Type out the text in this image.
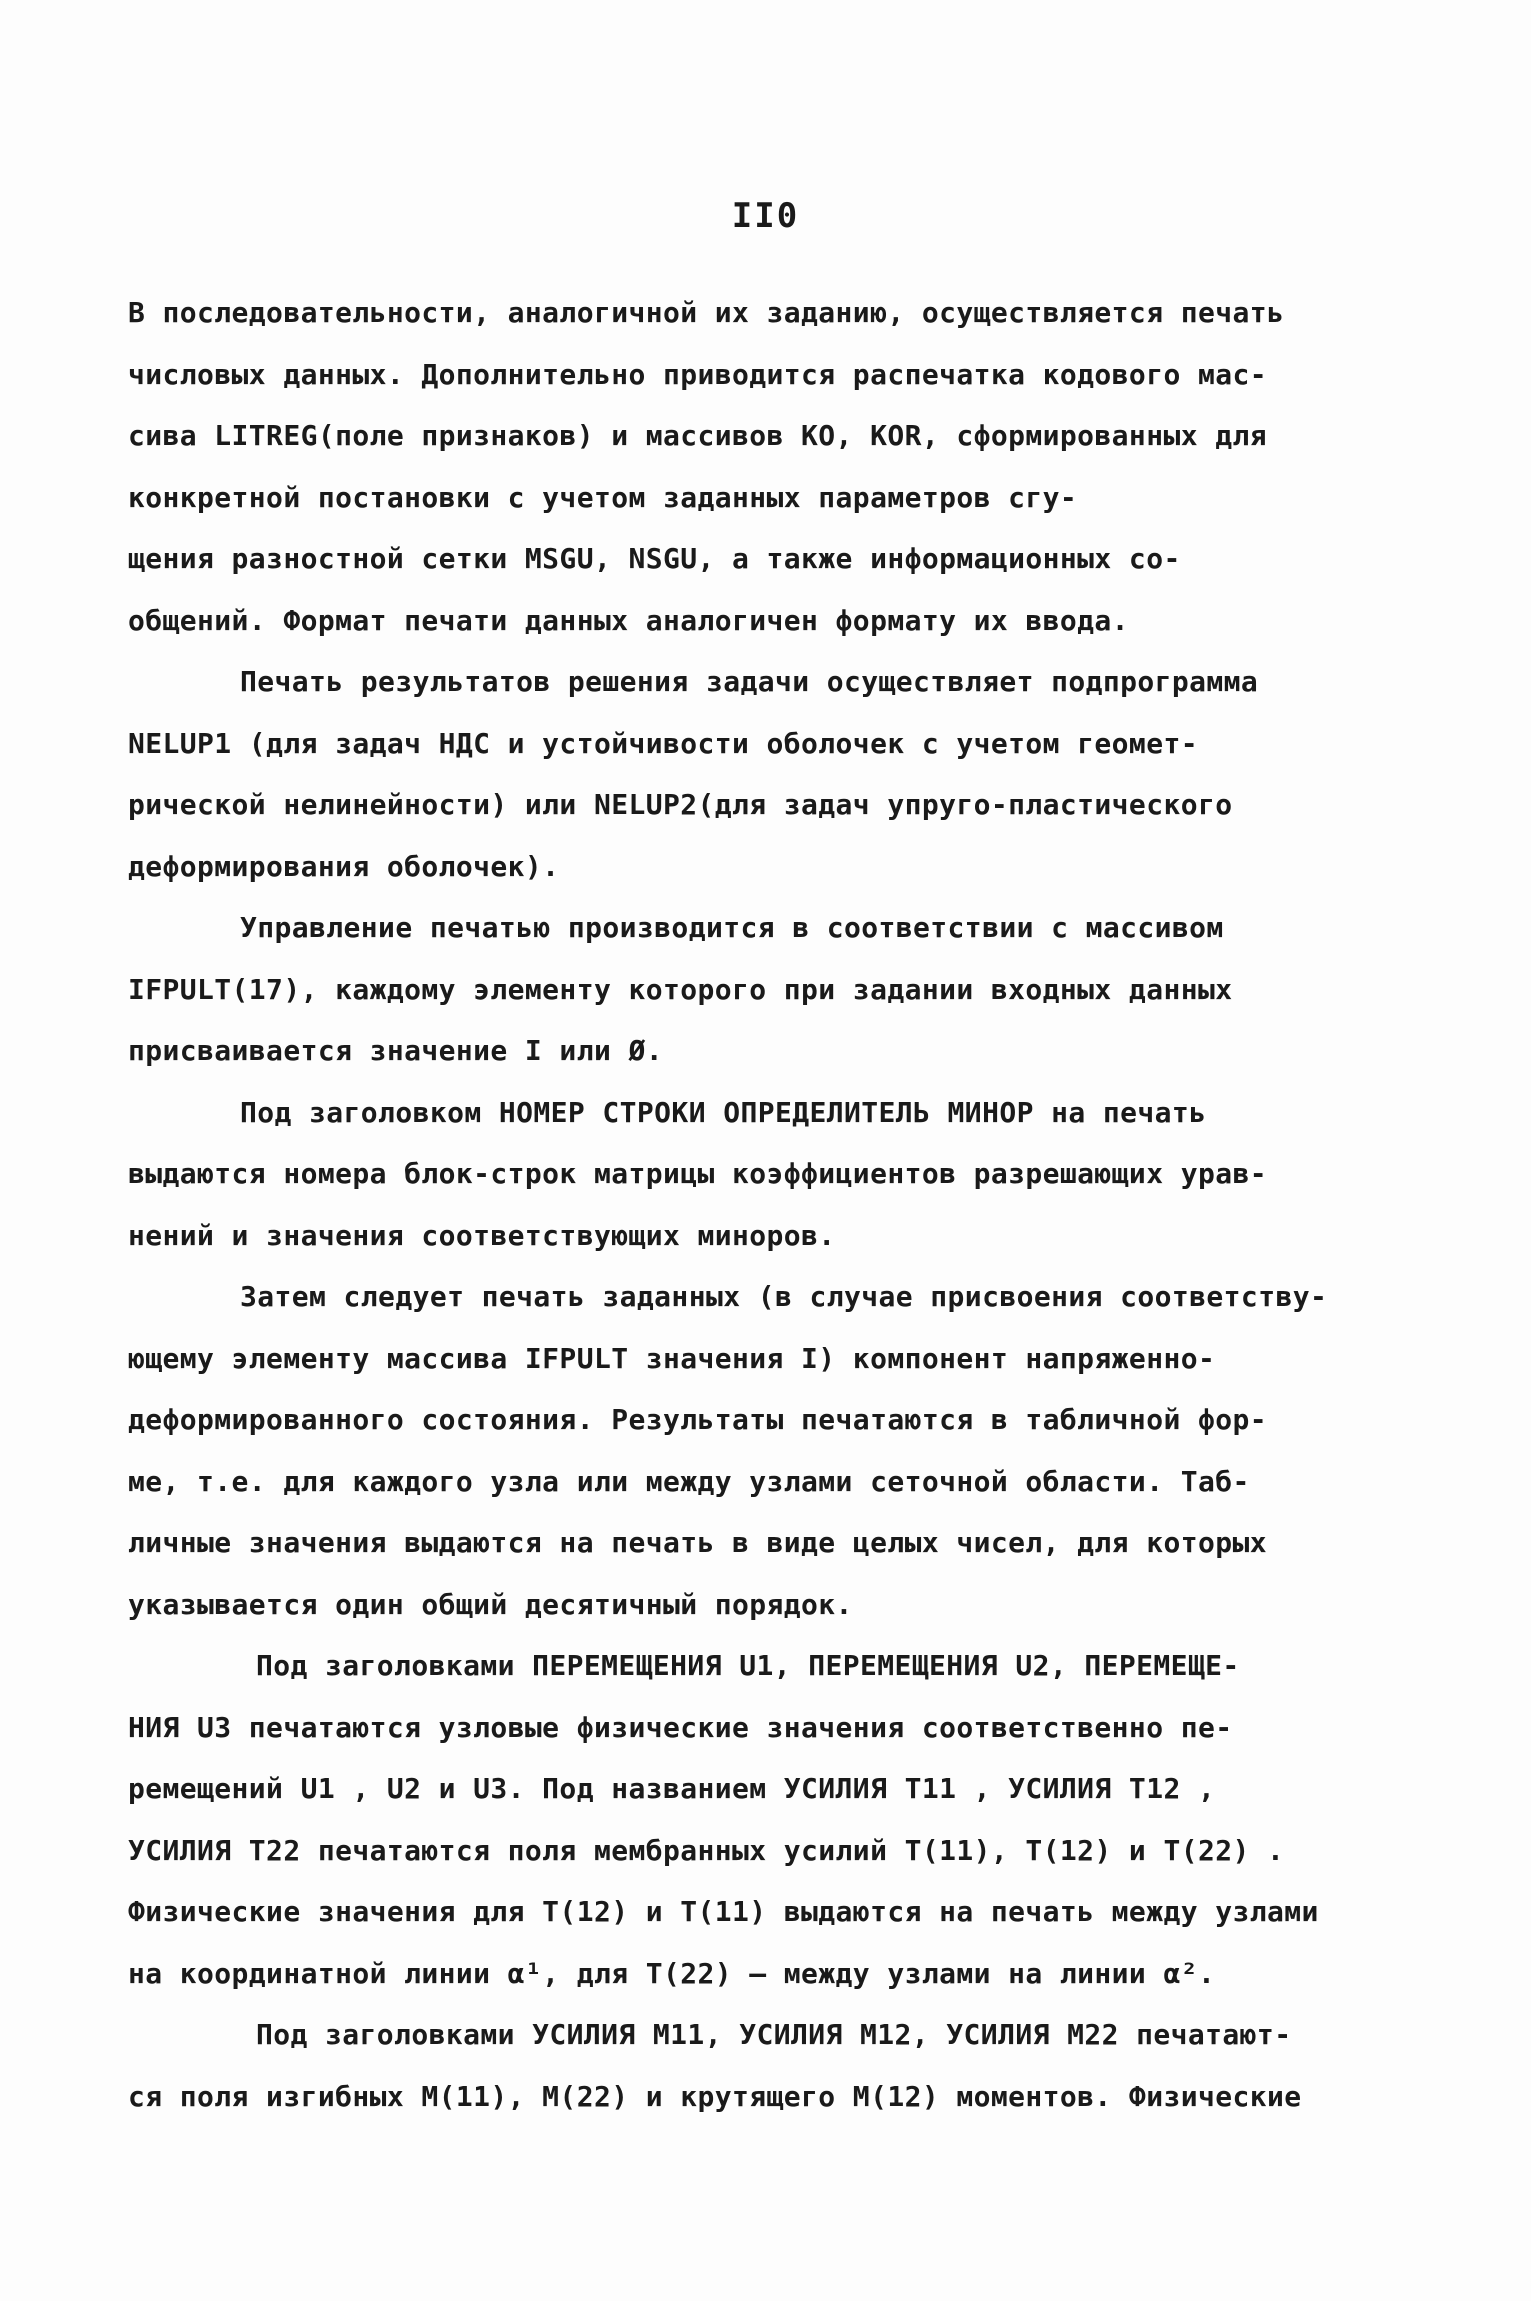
II0
В последовательности, аналогичной их заданию, осуществляется печать
числовых данных. Дополнительно приводится распечатка кодового мас-
сива LITREG(поле признаков) и массивов КО, KOR, сформированных для
конкретной постановки с учетом заданных параметров сгу-
щения разностной сетки MSGU, NSGU, а также информационных со-
общений. Формат печати данных аналогичен формату их ввода.
Печать результатов решения задачи осуществляет подпрограмма
NELUP1 (для задач НДС и устойчивости оболочек с учетом геомет-
рической нелинейности) или NELUP2(для задач упруго-пластического
деформирования оболочек).
Управление печатью производится в соответствии с массивом
IFPULT(17), каждому элементу которого при задании входных данных
присваивается значение I или Ø.
Под заголовком НОМЕР СТРОКИ ОПРЕДЕЛИТЕЛЬ МИНОР на печать
выдаются номера блок-строк матрицы коэффициентов разрешающих урав-
нений и значения соответствующих миноров.
Затем следует печать заданных (в случае присвоения соответству-
ющему элементу массива IFPULT значения I) компонент напряженно-
деформированного состояния. Результаты печатаются в табличной фор-
ме, т.е. для каждого узла или между узлами сеточной области. Таб-
личные значения выдаются на печать в виде целых чисел, для которых
указывается один общий десятичный порядок.
Под заголовками ПЕРЕМЕЩЕНИЯ U1, ПЕРЕМЕЩЕНИЯ U2, ПЕРЕМЕЩЕ-
НИЯ U3 печатаются узловые физические значения соответственно пе-
ремещений U1 , U2 и U3. Под названием УСИЛИЯ T11 , УСИЛИЯ T12 ,
УСИЛИЯ T22 печатаются поля мембранных усилий T(11), T(12) и T(22) .
Физические значения для T(12) и T(11) выдаются на печать между узлами
на координатной линии α¹, для T(22) – между узлами на линии α².
Под заголовками УСИЛИЯ M11, УСИЛИЯ M12, УСИЛИЯ M22 печатают-
ся поля изгибных M(11), M(22) и крутящего M(12) моментов. Физические
